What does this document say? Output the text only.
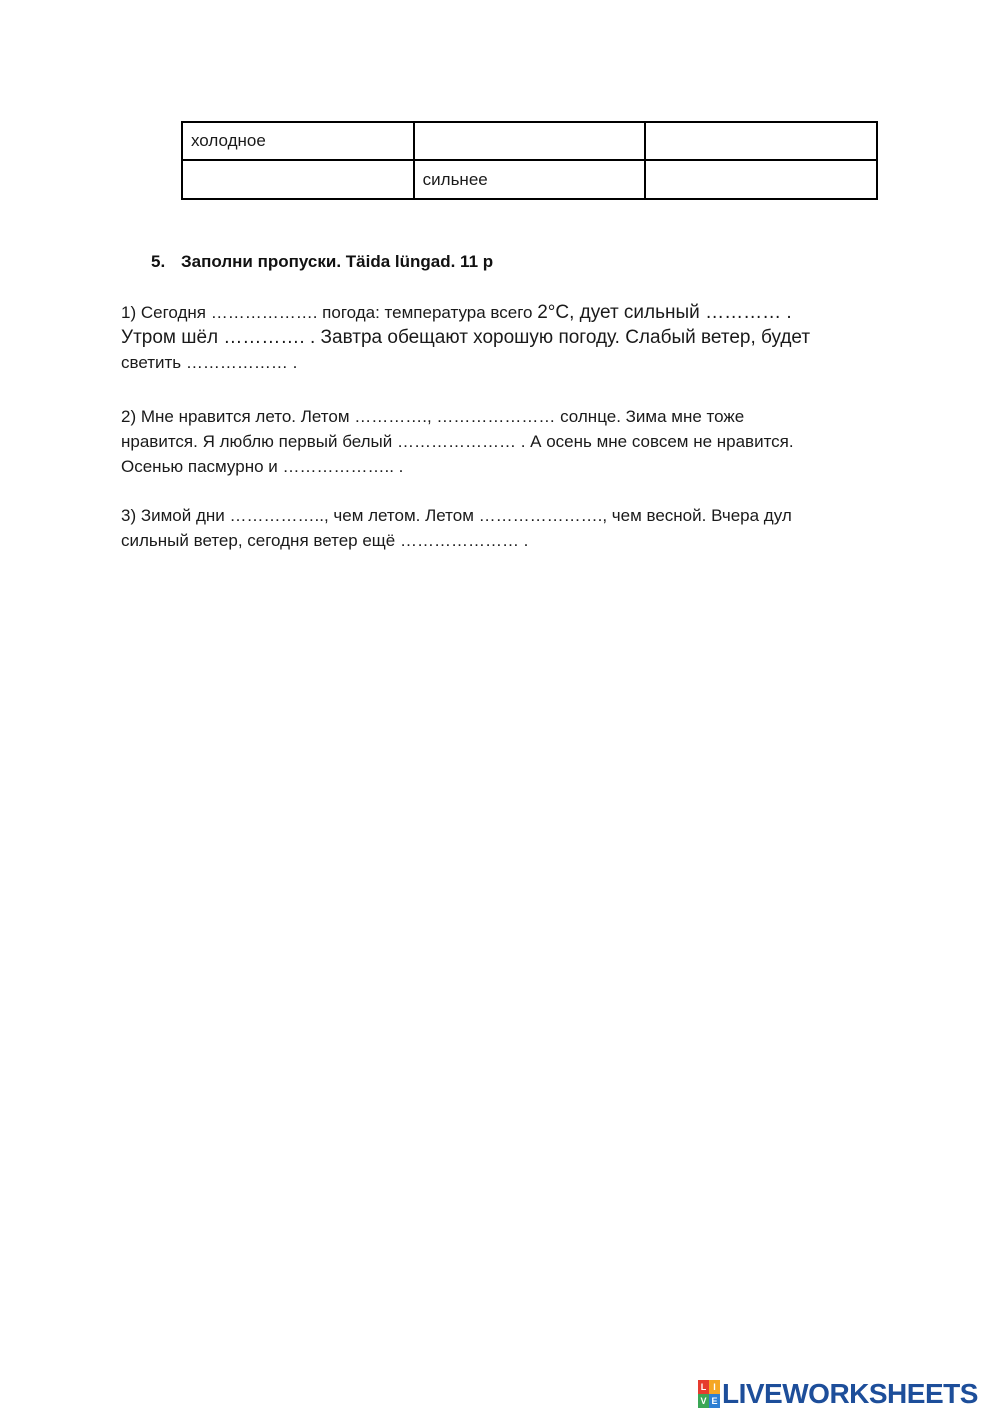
холодное		
	сильнее	
5. Заполни пропуски. Täida lüngad. 11 p
1) Сегодня ………………. погода: температура всего 2°С, дует сильный ………… .
Утром шёл …………. . Завтра обещают хорошую погоду. Слабый ветер, будет
светить ……………… .
2) Мне нравится лето. Летом …………., ………………… солнце. Зима мне тоже
нравится. Я люблю первый белый ………………… . А осень мне совсем не нравится.
Осенью пасмурно и ……………….. .
3) Зимой дни …………….., чем летом. Летом …………………., чем весной. Вчера дул
сильный ветер, сегодня ветер ещё ………………… .
L I
V E LIVEWORKSHEETS
